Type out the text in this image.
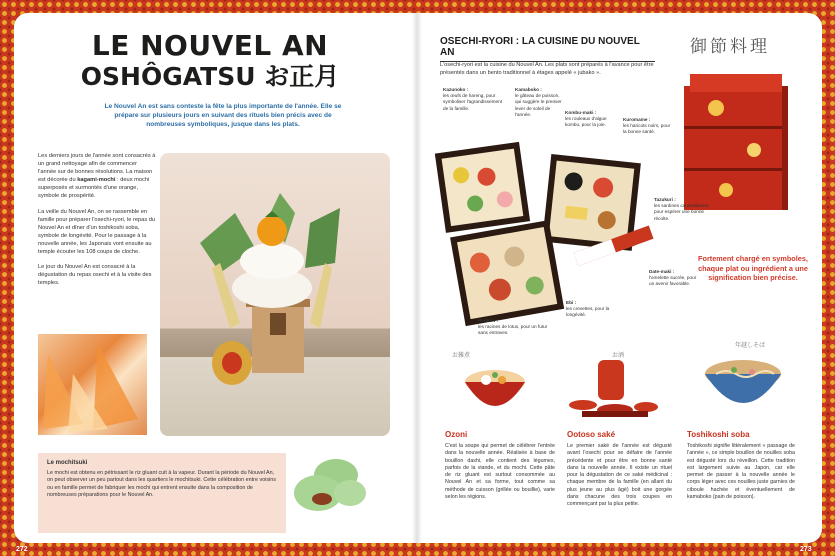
LE NOUVEL AN
OSHÔGATSU お正月
Le Nouvel An est sans conteste la fête la plus importante de l'année. Elle se prépare sur plusieurs jours en suivant des rituels bien précis avec de nombreuses symboliques, jusque dans les plats.

Les derniers jours de l'année sont consacrés à un grand nettoyage afin de commencer l'année sur de bonnes résolutions. La maison est décorée du kagami-mochi : deux mochi superposés et surmontés d'une orange, symbole de prospérité.

La veille du Nouvel An, on se rassemble en famille pour préparer l'osechi-ryori, le repas du Nouvel An et dîner d'un toshikoshi soba, symbole de longévité. Pour le passage à la nouvelle année, les Japonais vont ensuite au temple écouter les 108 coups de cloche.

Le jour du Nouvel An est consacré à la dégustation du repas osechi et à la visite des temples.

Le mochitsuki

Le mochi est obtenu en pétrissant le riz gluant cuit à la vapeur. Durant la période du Nouvel An, on peut observer un peu partout dans les quartiers le mochitsuki. Cette célébration entre voisins ou en famille permet de fabriquer les mochi qui entrent ensuite dans la composition de nombreuses préparations pour le Nouvel An.

272
OSECHI-RYORI : LA CUISINE DU NOUVEL AN	御節料理
L'osechi-ryori est la cuisine du Nouvel An. Les plats sont préparés à l'avance pour être présentés dans un bento traditionnel à étages appelé « jubako ».
Kazunoko :
les œufs de hareng, pour symboliser l'agrandissement de la famille.
Kamaboko :
le gâteau de poisson, qui suggère le premier lever de soleil de l'année.	Kombu-maki :
les rouleaux d'algue kombu, pour la joie.
Kuromame :
les haricots noirs, pour la bonne santé.
Tazukuri :
les sardines caramélisées, pour espérer une bonne récolte.
Date-maki :
l'omelette sucrée, pour un avenir favorable.
Ebi :
les crevettes, pour la longévité.
Renkon :
les racines de lotus, pour un futur sans entraves.
Fortement chargé en symboles, chaque plat ou ingrédient a une signification bien précise.
お雑煮	お酒
年越しそば
Ozoni

C'est la soupe qui permet de célébrer l'entrée dans la nouvelle année. Réalisée à base de bouillon dashi, elle contient des légumes, parfois de la viande, et du mochi. Cette pâte de riz gluant est surtout consommée au Nouvel An et sa forme, tout comme sa méthode de cuisson (grillée ou bouillie), varie selon les régions.

Ootoso saké

Le premier saké de l'année est dégusté avant l'osechi pour se défaire de l'année précédente et pour être en bonne santé dans la nouvelle année. Il existe un rituel pour la dégustation de ce saké médicinal : chaque membre de la famille (en allant du plus jeune au plus âgé) boit une gorgée dans chacune des trois coupes en commençant par la plus petite.

Toshikoshi soba

Toshikoshi signifie littéralement « passage de l'année », ce simple bouillon de nouilles soba est dégusté lors du réveillon. Cette tradition est largement suivie au Japon, car elle permet de passer à la nouvelle année le corps léger avec ces nouilles juste garnies de ciboule hachée et éventuellement de kamaboko (pain de poisson).

273
